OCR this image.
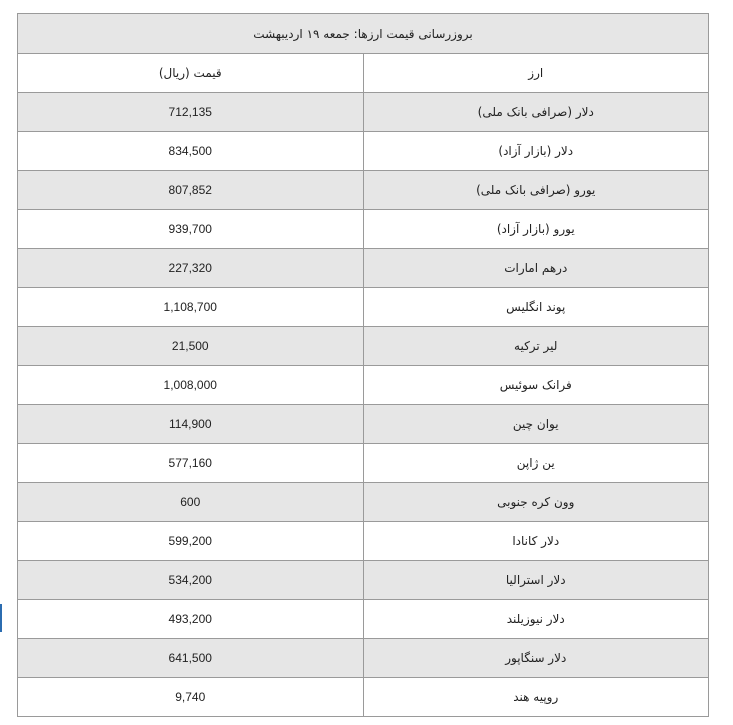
بروزرسانی قیمت ارزها: جمعه ۱۹ اردیبهشت	
ارز	قیمت (ریال)
دلار (صرافی بانک ملی)	712,135
دلار (بازار آزاد)	834,500
یورو (صرافی بانک ملی)	807,852
یورو (بازار آزاد)	939,700
درهم امارات	227,320
پوند انگلیس	1,108,700
لیر ترکیه	21,500
فرانک سوئیس	1,008,000
یوان چین	114,900
ین ژاپن	577,160
وون کره جنوبی	600
دلار کانادا	599,200
دلار استرالیا	534,200
دلار نیوزیلند	493,200
دلار سنگاپور	641,500
روپیه هند	9,740
